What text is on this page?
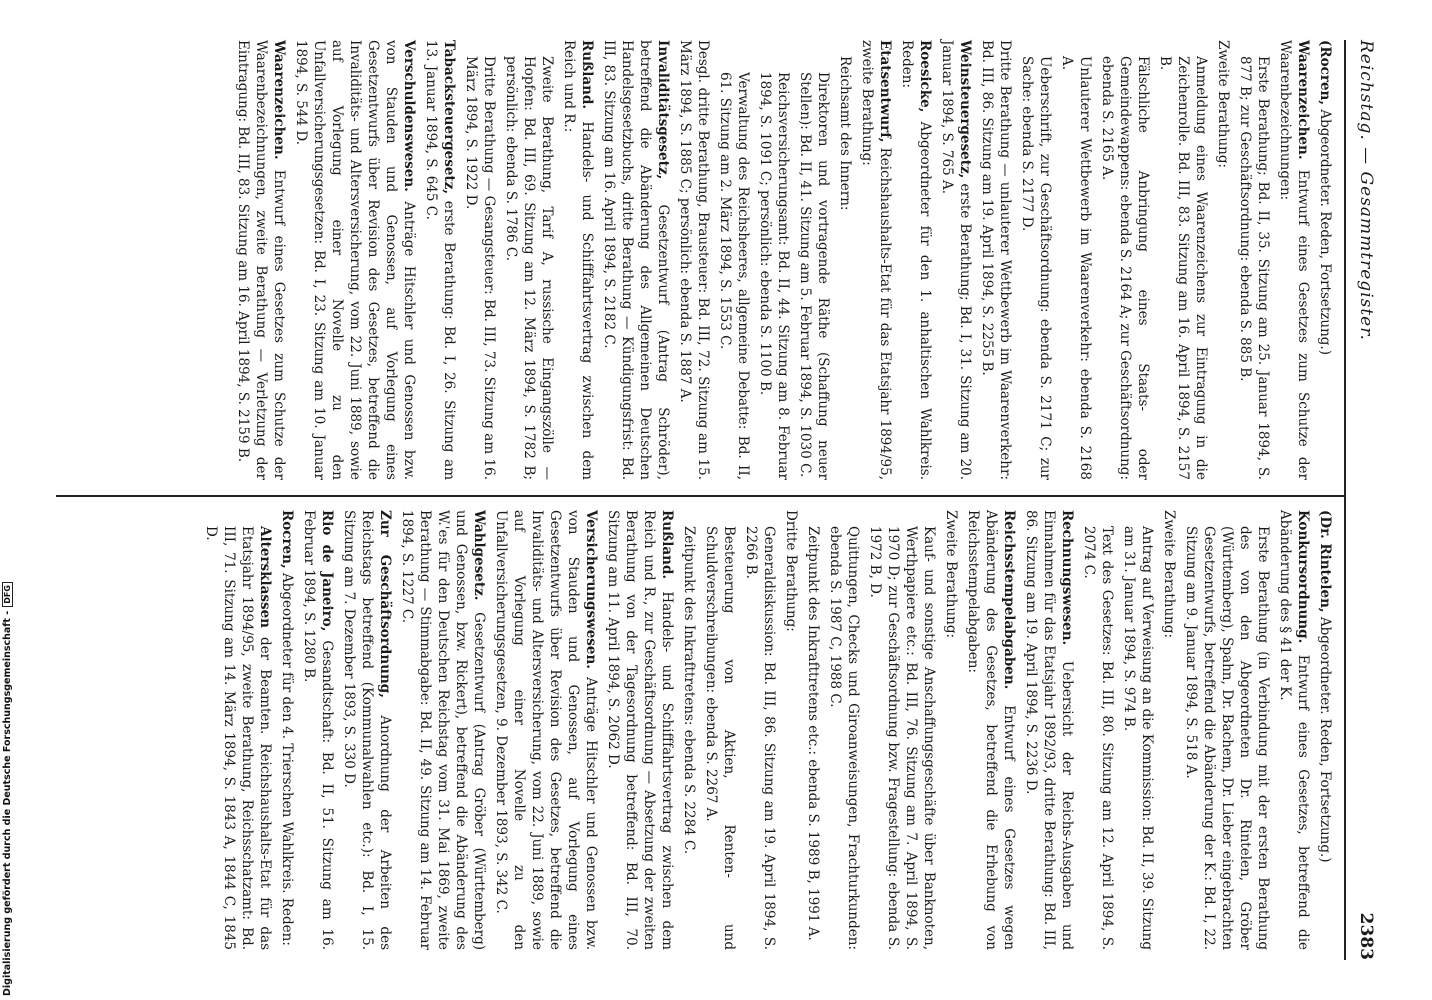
Reichstag. — Gesammtregister.
2383

(Rocren, Abgeordneter. Reden, Fortsetzung.)

Waarenzeichen. Entwurf eines Gesetzes zum Schutze der Waarenbezeichnungen:

Erste Berathung; Bd. II, 35. Sitzung am 25. Januar 1894, S. 877 B; zur Geschäftsordnung: ebenda S. 885 B.

Zweite Berathung:

Anmeldung eines Waarenzeichens zur Eintragung in die Zeichenrolle. Bd. III, 83. Sitzung am 16. April 1894, S. 2157 B.

Fälschliche Anbringung eines Staats- oder Gemeindewappens: ebenda S. 2164 A; zur Geschäftsordnung: ebenda S. 2165 A.

Unlauterer Wettbewerb im Waarenverkehr: ebenda S. 2168 A.

Ueberschrift, zur Geschäftsordnung: ebenda S. 2171 C; zur Sache: ebenda S. 2177 D.

Dritte Berathung — unlauterer Wettbewerb im Waarenverkehr: Bd. III, 86. Sitzung am 19. April 1894, S. 2255 B.

Weinsteuergesetz, erste Berathung; Bd. I, 31. Sitzung am 20. Januar 1894, S. 765 A.

Roesicke, Abgeordneter für den 1. anhaltischen Wahlkreis. Reden:

Etatsentwurf, Reichshaushalts-Etat für das Etatsjahr 1894/95, zweite Berathung:

Reichsamt des Innern:

Direktoren und vortragende Räthe (Schaffung neuer Stellen): Bd. II, 41. Sitzung am 5. Februar 1894, S. 1030 C.

Reichsversicherungsamt: Bd. II, 44. Sitzung am 8. Februar 1894, S. 1091 C; persönlich: ebenda S. 1100 B.

Verwaltung des Reichsheeres, allgemeine Debatte: Bd. II, 61. Sitzung am 2. März 1894, S. 1553 C.

Desgl. dritte Berathung, Brausteuer: Bd. III, 72. Sitzung am 15. März 1894, S. 1885 C; persönlich: ebenda S. 1887 A.

Invaliditätsgesetz, Gesetzentwurf (Antrag Schröder), betreffend die Abänderung des Allgemeinen Deutschen Handelsgesetzbuchs, dritte Berathung — Kündigungsfrist: Bd. III, 83. Sitzung am 16. April 1894, S. 2182 C.

Rußland. Handels- und Schifffahrtsvertrag zwischen dem Reich und R.:

Zweite Berathung, Tarif A, russische Eingangszölle — Hopfen: Bd. III, 69. Sitzung am 12. März 1894, S. 1782 B; persönlich: ebenda S. 1786 C.

Dritte Berathung — Gesangsteuer: Bd. III, 73. Sitzung am 16. März 1894, S. 1922 D.

Tabacksteuergesetz, erste Berathung: Bd. I, 26. Sitzung am 13. Januar 1894, S. 645 C.

Verschuldenswesen. Anträge Hitschler und Genossen bzw. von Stauden und Genossen, auf Vorlegung eines Gesetzentwurfs über Revision des Gesetzes, betreffend die Invaliditäts- und Altersversicherung, vom 22. Juni 1889, sowie auf Vorlegung einer Novelle zu den Unfallversicherungsgesetzen: Bd. I, 23. Sitzung am 10. Januar 1894, S. 544 D.

Waarenzeichen. Entwurf eines Gesetzes zum Schutze der Waarenbezeichnungen, zweite Berathung — Verletzung der Eintragung: Bd. III, 83. Sitzung am 16. April 1894, S. 2159 B.

(Dr. Rintelen, Abgeordneter. Reden, Fortsetzung.)

Konkursordnung. Entwurf eines Gesetzes, betreffend die Abänderung des § 41 der K.

Erste Berathung (in Verbindung mit der ersten Berathung des von den Abgeordneten Dr. Rintelen, Gröber (Württemberg), Spahn, Dr. Bachem, Dr. Lieber eingebrachten Gesetzentwurfs, betreffend die Abänderung der K.: Bd. I, 22. Sitzung am 9. Januar 1894, S. 518 A.

Zweite Berathung:

Antrag auf Verweisung an die Kommission: Bd. II, 39. Sitzung am 31. Januar 1894, S. 974 B.

Text des Gesetzes: Bd. III, 80. Sitzung am 12. April 1894, S. 2074 C.

Rechnungswesen. Uebersicht der Reichs-Ausgaben und Einnahmen für das Etatsjahr 1892/93, dritte Berathung: Bd. III, 86. Sitzung am 19. April 1894, S. 2236 D.

Reichsstempelabgaben. Entwurf eines Gesetzes wegen Abänderung des Gesetzes, betreffend die Erhebung von Reichsstempelabgaben:

Zweite Berathung:

Kauf- und sonstige Anschaffungsgeschäfte über Banknoten, Werthpapiere etc.: Bd. III, 76. Sitzung am 7. April 1894, S. 1970 D; zur Geschäftsordnung bzw. Fragestellung: ebenda S. 1972 B, D.

Quittungen, Checks und Giroanweisungen, Frachturkunden: ebenda S. 1987 C, 1988 C.

Zeitpunkt des Inkrafttretens etc.: ebenda S. 1989 B, 1991 A.

Dritte Berathung:

Generaldiskussion: Bd. III, 86. Sitzung am 19. April 1894, S. 2266 B.

Besteuerung von Aktien, Renten- und Schuldverschreibungen: ebenda S. 2267 A.

Zeitpunkt des Inkrafttretens: ebenda S. 2284 C.

Rußland. Handels- und Schifffahrtsvertrag zwischen dem Reich und R., zur Geschäftsordnung — Absetzung der zweiten Berathung von der Tagesordnung betreffend: Bd. III, 70. Sitzung am 11. April 1894, S. 2062 D.

Versicherungswesen. Anträge Hitschler und Genossen bzw. von Stauden und Genossen, auf Vorlegung eines Gesetzentwurfs über Revision des Gesetzes, betreffend die Invaliditäts- und Altersversicherung, vom 22. Juni 1889, sowie auf Vorlegung einer Novelle zu den Unfallversicherungsgesetzen, 9. Dezember 1893, S. 342 C.

Wahlgesetz. Gesetzentwurf (Antrag Gröber (Württemberg) und Genossen, bzw. Rickert), betreffend die Abänderung des W.'es für den Deutschen Reichstag vom 31. Mai 1869, zweite Berathung — Stimmabgabe: Bd. II, 49. Sitzung am 14. Februar 1894, S. 1227 C.

Zur Geschäftsordnung, Anordnung der Arbeiten des Reichstags betreffend (Kommunalwahlen etc.): Bd. I, 15. Sitzung am 7. Dezember 1893, S. 330 D.

Rio de Janeiro, Gesandtschaft: Bd. II, 51. Sitzung am 16. Februar 1894, S. 1280 B.

Rocren, Abgeordneter für den 4. Trierschen Wahlkreis. Reden:

Altersklassen der Beamten. Reichshaushalts-Etat für das Etatsjahr 1894/95, zweite Berathung, Reichsschatzamt: Bd. III, 71. Sitzung am 14. März 1894, S. 1843 A, 1844 C, 1845 D.

Digitalisierung gefördert durch die Deutsche Forschungsgemeinschaft -DFG
